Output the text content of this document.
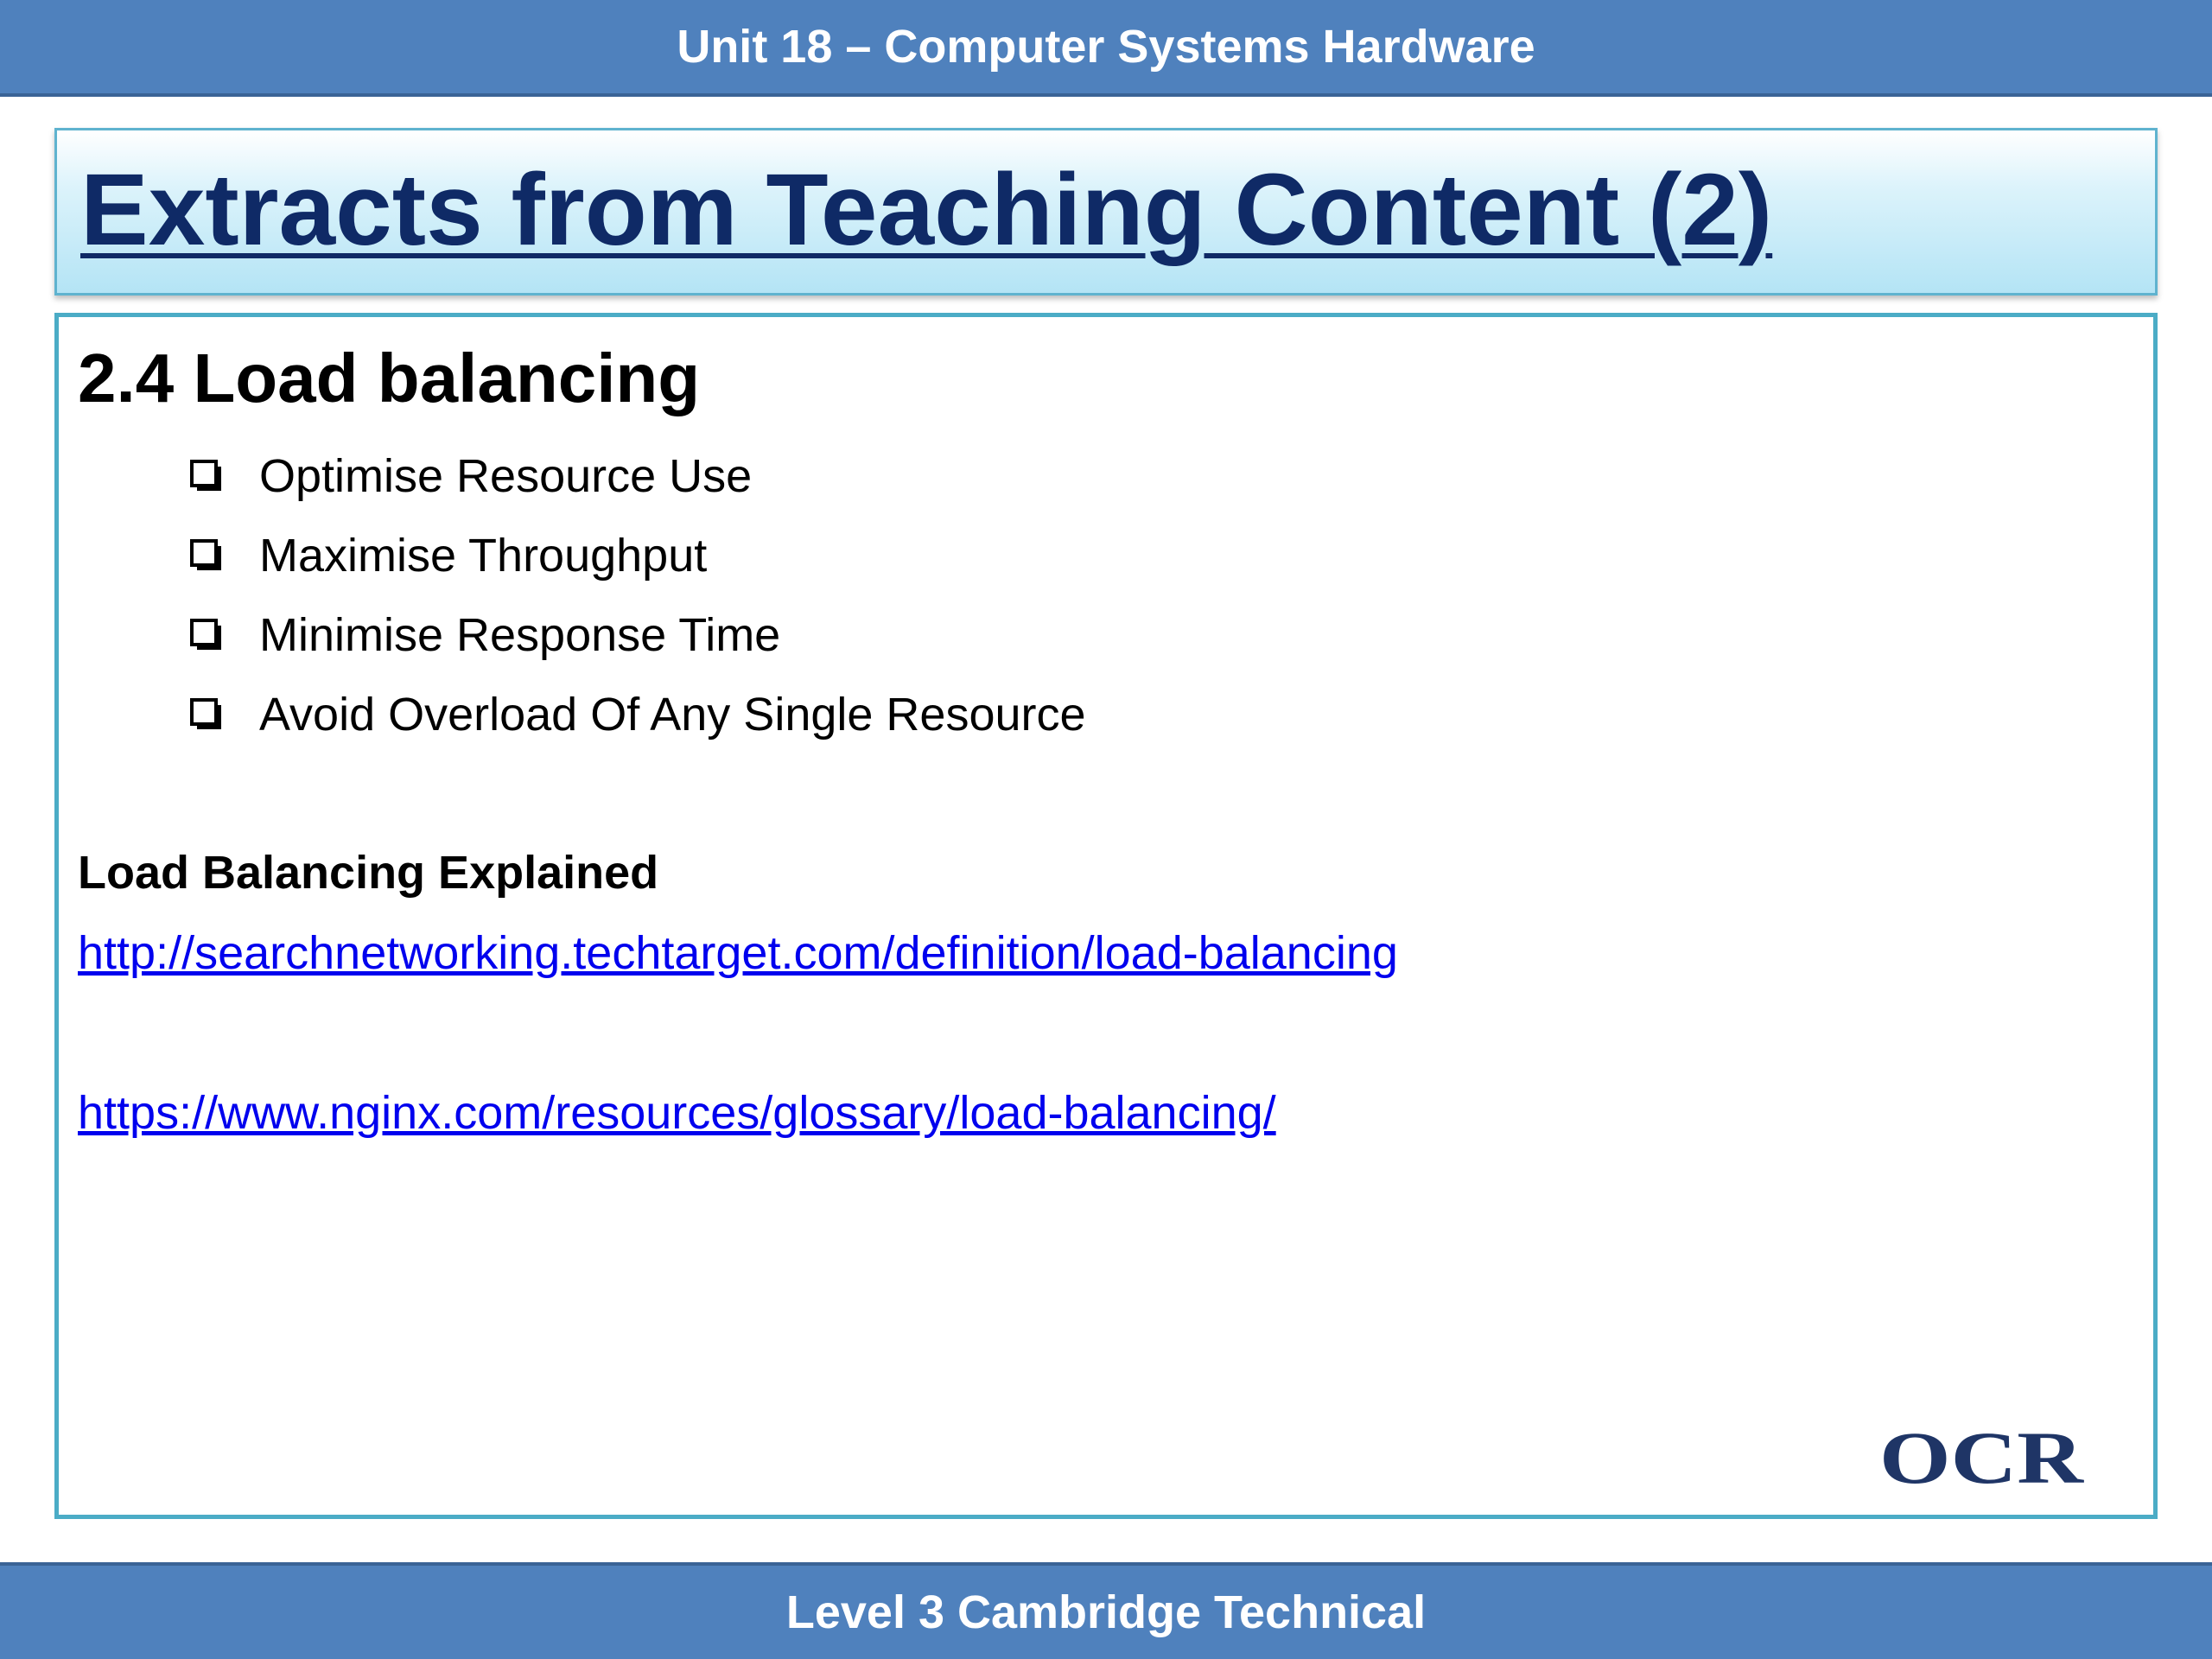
Unit 18 – Computer Systems Hardware
Extracts from Teaching Content (2)
2.4 Load balancing
Optimise Resource Use
Maximise Throughput
Minimise Response Time
Avoid Overload Of Any Single Resource

Load Balancing Explained

http://searchnetworking.techtarget.com/definition/load-balancing
https://www.nginx.com/resources/glossary/load-balancing/
OCR
Level 3 Cambridge Technical
